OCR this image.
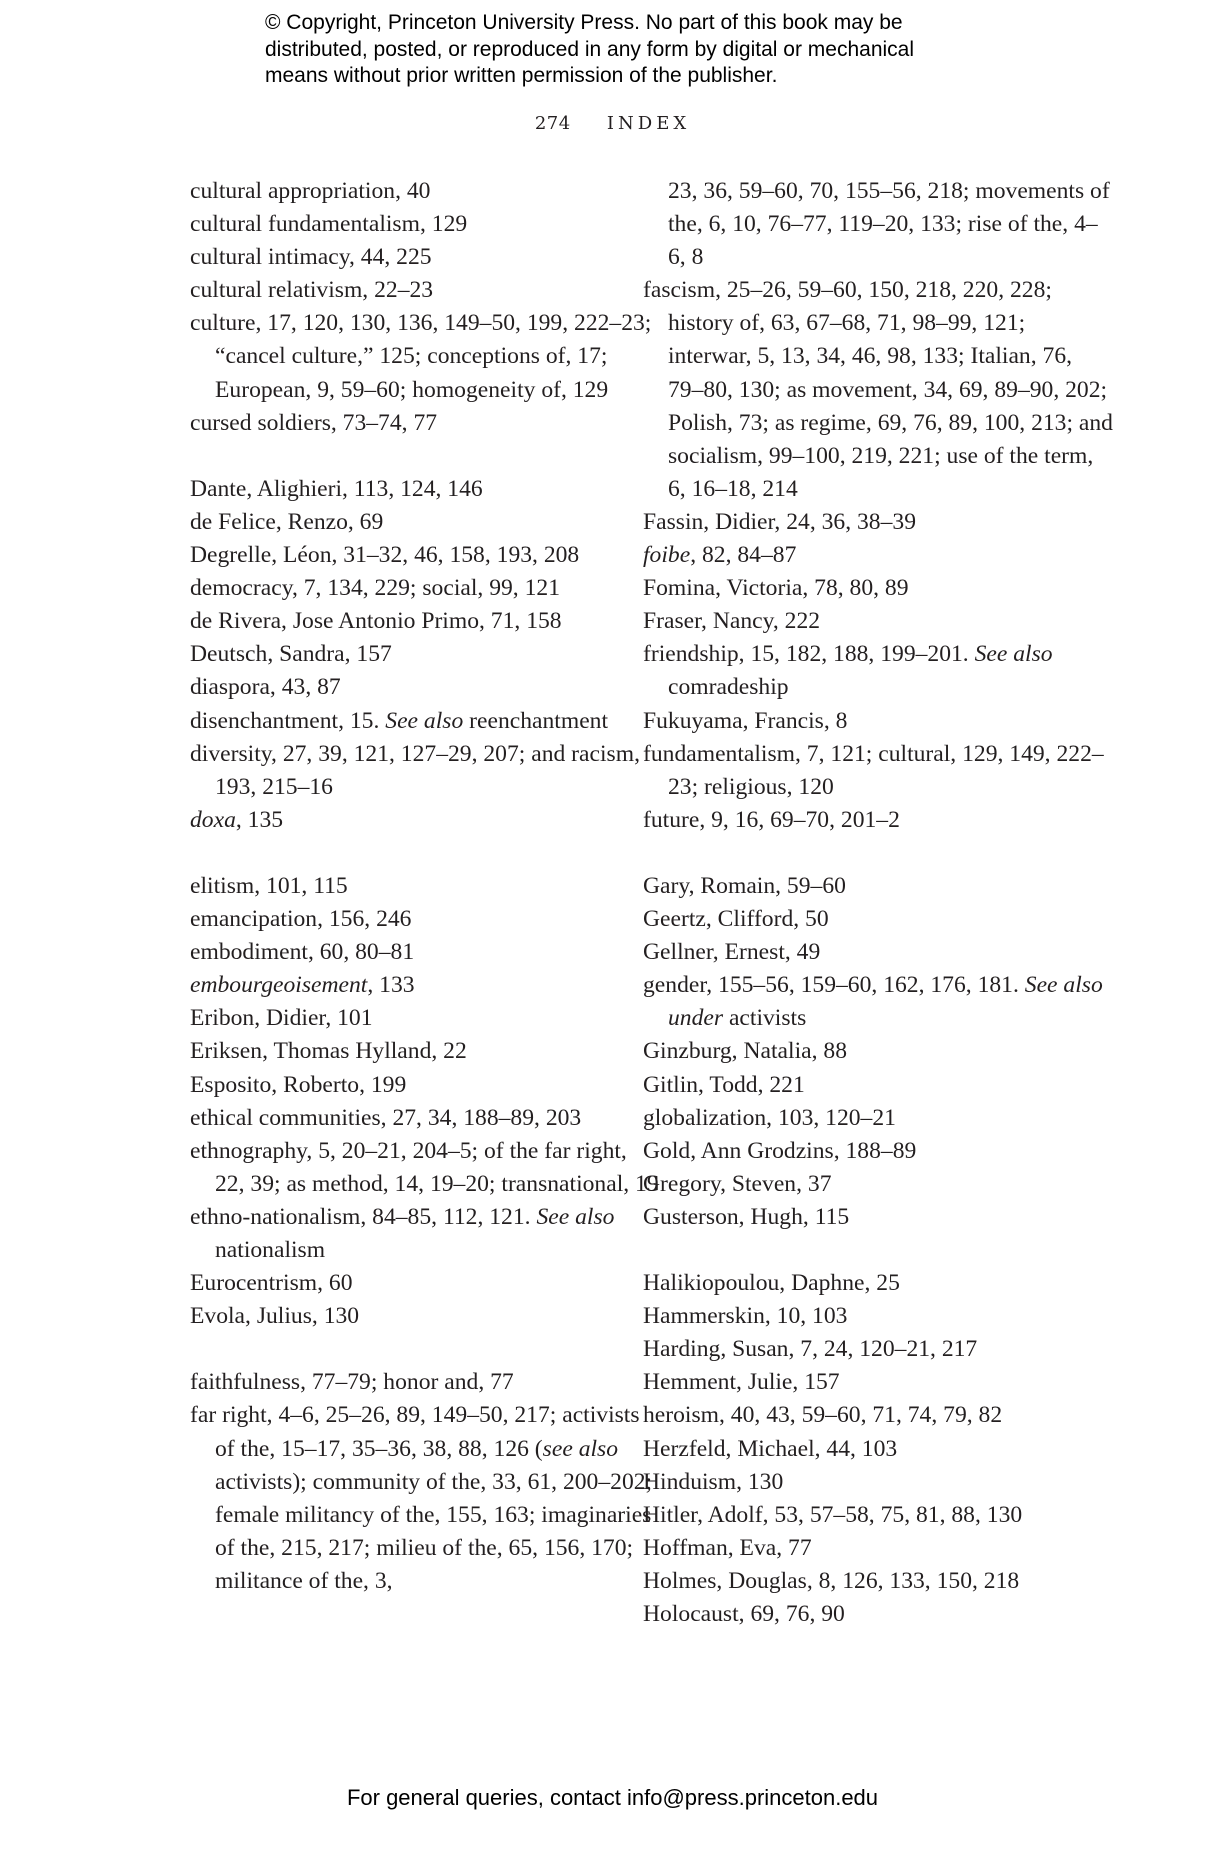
© Copyright, Princeton University Press. No part of this book may be
distributed, posted, or reproduced in any form by digital or mechanical
means without prior written permission of the publisher.
274 INDEX
cultural appropriation, 40
cultural fundamentalism, 129
cultural intimacy, 44, 225
cultural relativism, 22–23
culture, 17, 120, 130, 136, 149–50, 199, 222–23; “cancel culture,” 125; conceptions of, 17; European, 9, 59–60; homogeneity of, 129
cursed soldiers, 73–74, 77
Dante, Alighieri, 113, 124, 146
de Felice, Renzo, 69
Degrelle, Léon, 31–32, 46, 158, 193, 208
democracy, 7, 134, 229; social, 99, 121
de Rivera, Jose Antonio Primo, 71, 158
Deutsch, Sandra, 157
diaspora, 43, 87
disenchantment, 15. See also reenchantment
diversity, 27, 39, 121, 127–29, 207; and racism, 193, 215–16
doxa, 135
elitism, 101, 115
emancipation, 156, 246
embodiment, 60, 80–81
embourgeoisement, 133
Eribon, Didier, 101
Eriksen, Thomas Hylland, 22
Esposito, Roberto, 199
ethical communities, 27, 34, 188–89, 203
ethnography, 5, 20–21, 204–5; of the far right, 22, 39; as method, 14, 19–20; transnational, 19
ethno-nationalism, 84–85, 112, 121. See also nationalism
Eurocentrism, 60
Evola, Julius, 130
faithfulness, 77–79; honor and, 77
far right, 4–6, 25–26, 89, 149–50, 217; activists of the, 15–17, 35–36, 38, 88, 126 (see also activists); community of the, 33, 61, 200–202; female militancy of the, 155, 163; imaginaries of the, 215, 217; milieu of the, 65, 156, 170; militance of the, 3,
23, 36, 59–60, 70, 155–56, 218; movements of the, 6, 10, 76–77, 119–20, 133; rise of the, 4–6, 8
fascism, 25–26, 59–60, 150, 218, 220, 228; history of, 63, 67–68, 71, 98–99, 121; interwar, 5, 13, 34, 46, 98, 133; Italian, 76, 79–80, 130; as movement, 34, 69, 89–90, 202; Polish, 73; as regime, 69, 76, 89, 100, 213; and socialism, 99–100, 219, 221; use of the term, 6, 16–18, 214
Fassin, Didier, 24, 36, 38–39
foibe, 82, 84–87
Fomina, Victoria, 78, 80, 89
Fraser, Nancy, 222
friendship, 15, 182, 188, 199–201. See also comradeship
Fukuyama, Francis, 8
fundamentalism, 7, 121; cultural, 129, 149, 222–23; religious, 120
future, 9, 16, 69–70, 201–2
Gary, Romain, 59–60
Geertz, Clifford, 50
Gellner, Ernest, 49
gender, 155–56, 159–60, 162, 176, 181. See also under activists
Ginzburg, Natalia, 88
Gitlin, Todd, 221
globalization, 103, 120–21
Gold, Ann Grodzins, 188–89
Gregory, Steven, 37
Gusterson, Hugh, 115
Halikiopoulou, Daphne, 25
Hammerskin, 10, 103
Harding, Susan, 7, 24, 120–21, 217
Hemment, Julie, 157
heroism, 40, 43, 59–60, 71, 74, 79, 82
Herzfeld, Michael, 44, 103
Hinduism, 130
Hitler, Adolf, 53, 57–58, 75, 81, 88, 130
Hoffman, Eva, 77
Holmes, Douglas, 8, 126, 133, 150, 218
Holocaust, 69, 76, 90
For general queries, contact info@press.princeton.edu
